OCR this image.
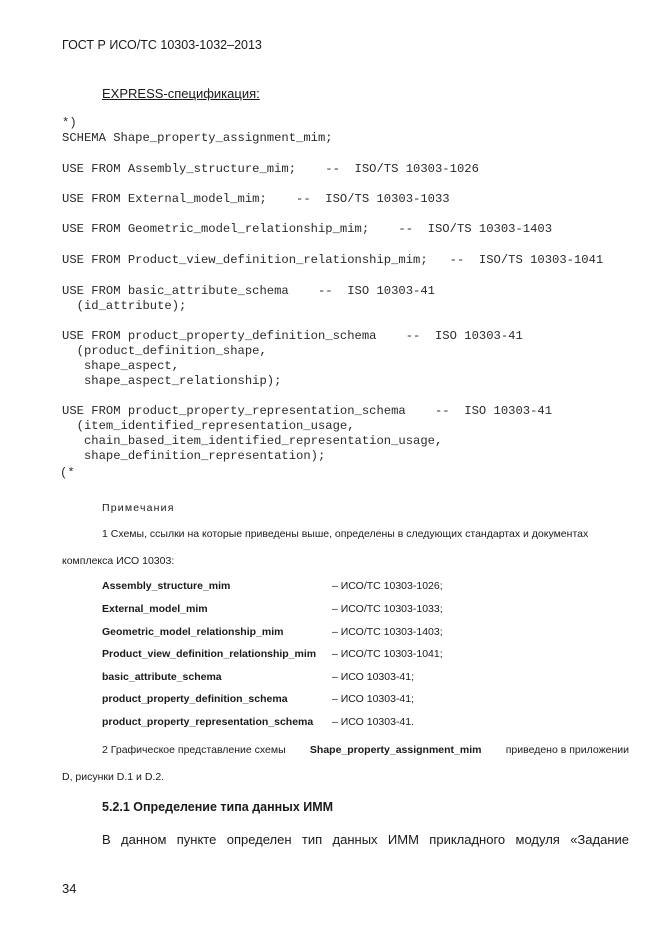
ГОСТ Р ИСО/ТС 10303-1032–2013
EXPRESS-спецификация:
*)
SCHEMA Shape_property_assignment_mim;
USE FROM Assembly_structure_mim;    --  ISO/TS 10303-1026
USE FROM External_model_mim;    --  ISO/TS 10303-1033
USE FROM Geometric_model_relationship_mim;    --  ISO/TS 10303-1403
USE FROM Product_view_definition_relationship_mim;   --  ISO/TS 10303-1041
USE FROM basic_attribute_schema    --  ISO 10303-41
(id_attribute);
USE FROM product_property_definition_schema    --  ISO 10303-41
(product_definition_shape,
shape_aspect,
shape_aspect_relationship);
USE FROM product_property_representation_schema    --  ISO 10303-41
(item_identified_representation_usage,
chain_based_item_identified_representation_usage,
shape_definition_representation);
(*
Примечания
1 Схемы, ссылки на которые приведены выше, определены в следующих стандартах и документах
комплекса ИСО 10303:
Assembly_structure_mim	– ИСО/ТС 10303-1026;
External_model_mim	– ИСО/ТС 10303-1033;
Geometric_model_relationship_mim	– ИСО/ТС 10303-1403;
Product_view_definition_relationship_mim – ИСО/ТС 10303-1041;
basic_attribute_schema	– ИСО 10303-41;
product_property_definition_schema	– ИСО 10303-41;
product_property_representation_schema – ИСО 10303-41.
2 Графическое представление схемы Shape_property_assignment_mim приведено в приложении
D, рисунки D.1 и D.2.
5.2.1 Определение типа данных ИММ
В данном пункте определен тип данных ИММ прикладного модуля «Задание
34
